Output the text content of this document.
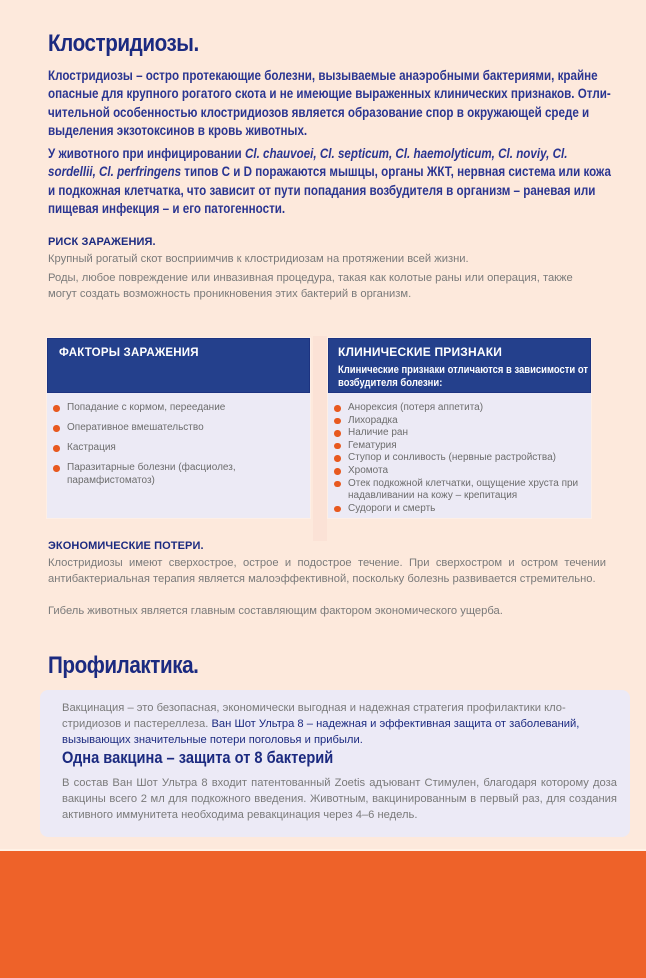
Клостридиозы.

Клостридиозы – остро протекающие болезни, вызываемые анаэробными бактериями, крайне опасные для крупного рогатого скота и не имеющие выраженных клинических признаков. Отличительной особенностью клостридиозов является образование спор в окружающей среде и выделения экзотоксинов в кровь животных.

У животного при инфицировании Cl. chauvoei, Cl. septicum, Cl. haemolyticum, Cl. noviy, Cl. sordellii, Cl. perfringens типов С и D поражаются мышцы, органы ЖКТ, нервная система или кожа и подкожная клетчатка, что зависит от пути попадания возбудителя в организм – раневая или пищевая инфекция – и его патогенности.

РИСК ЗАРАЖЕНИЯ.

Крупный рогатый скот восприимчив к клостридиозам на протяжении всей жизни.

Роды, любое повреждение или инвазивная процедура, такая как колотые раны или операция, также могут создать возможность проникновения этих бактерий в организм.

ФАКТОРЫ ЗАРАЖЕНИЯ
Попадание с кормом, переедание
Оперативное вмешательство
Кастрация
Паразитарные болезни (фасциолез, парамфистоматоз)
КЛИНИЧЕСКИЕ ПРИЗНАКИ
Клинические признаки отличаются в зависимости от возбудителя болезни:
Анорексия (потеря аппетита)
Лихорадка
Наличие ран
Гематурия
Ступор и сонливость (нервные растройства)
Хромота
Отек подкожной клетчатки, ощущение хруста при надавливании на кожу – крепитация
Судороги и смерть
ЭКОНОМИЧЕСКИЕ ПОТЕРИ.

Клостридиозы имеют сверхострое, острое и подострое течение. При сверхостром и остром течении антибактериальная терапия является малоэффективной, поскольку болезнь развивается стремительно.

Гибель животных является главным составляющим фактором экономического ущерба.

Профилактика.

Вакцинация – это безопасная, экономически выгодная и надежная стратегия профилактики клостридиозов и пастереллеза. Ван Шот Ультра 8 – надежная и эффективная защита от заболеваний, вызывающих значительные потери поголовья и прибыли.

Одна вакцина – защита от 8 бактерий

В состав Ван Шот Ультра 8 входит патентованный Zoetis адъювант Стимулен, благодаря которому доза вакцины всего 2 мл для подкожного введения. Животным, вакцинированным в первый раз, для создания активного иммунитета необходима ревакцинация через 4–6 недель.
